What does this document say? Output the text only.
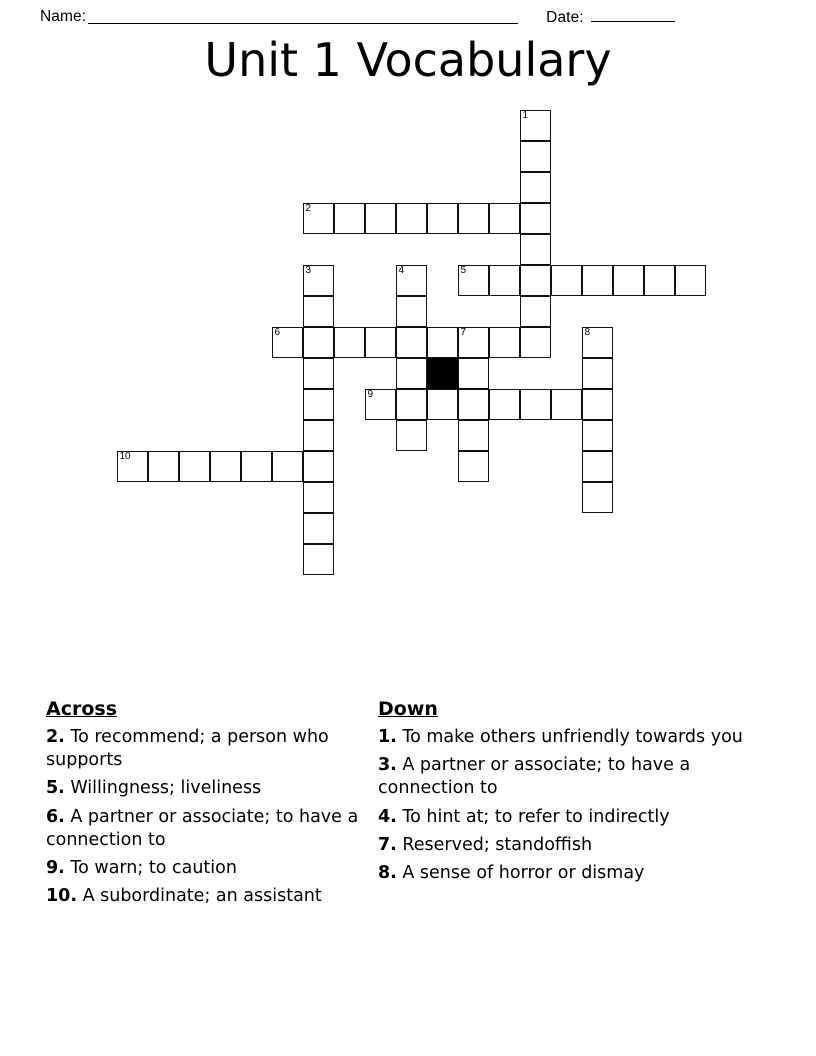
Name:	Date:
Unit 1 Vocabulary
1
2
3	4	5
6	7	8
9
10
Across
2. To recommend; a person who supports
5. Willingness; liveliness
6. A partner or associate; to have a connection to
9. To warn; to caution
10. A subordinate; an assistant
Down
1. To make others unfriendly towards you
3. A partner or associate; to have a connection to
4. To hint at; to refer to indirectly
7. Reserved; standoffish
8. A sense of horror or dismay
